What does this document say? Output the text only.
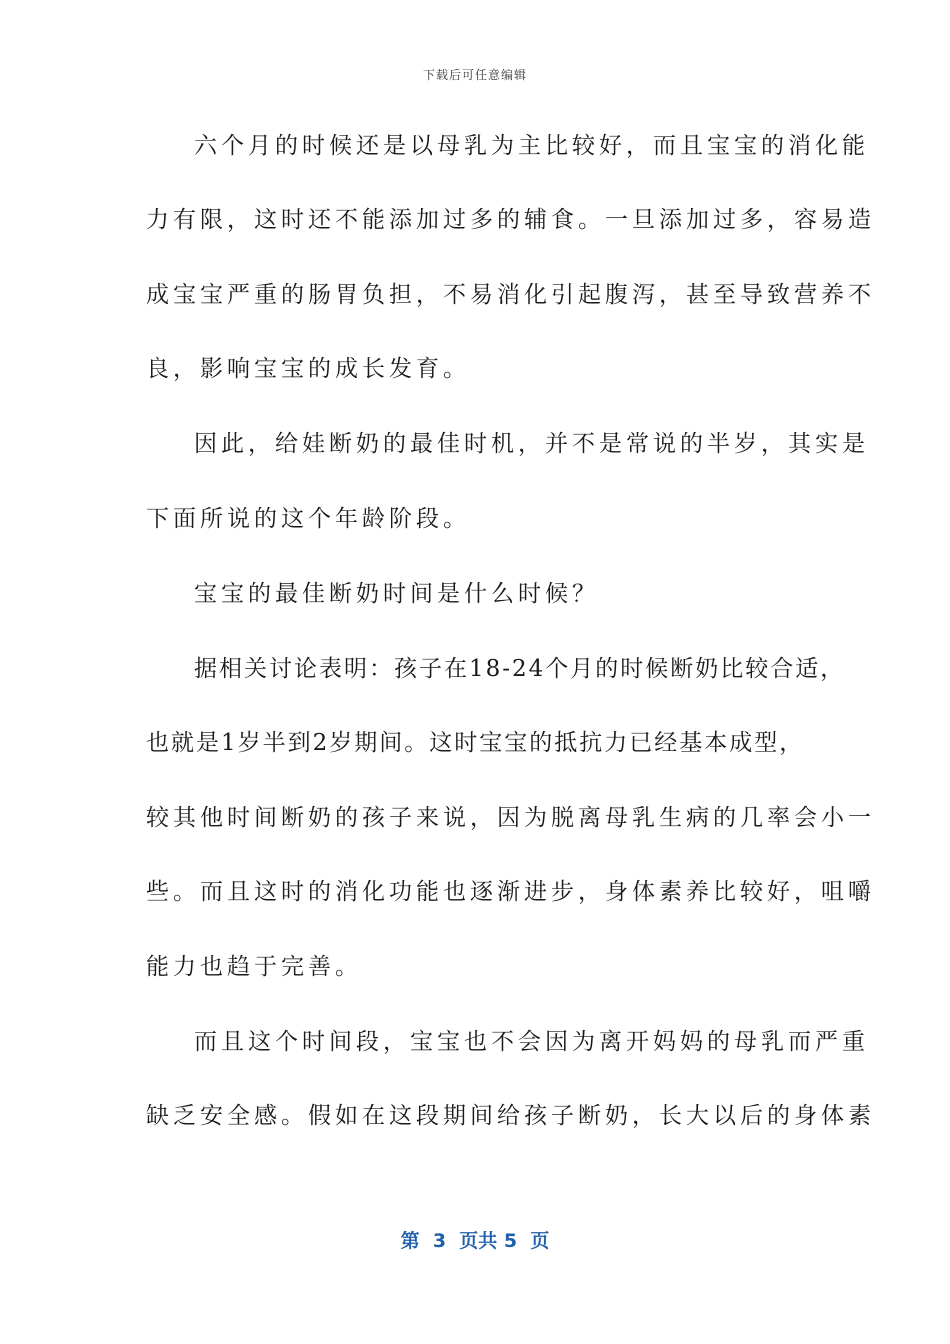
下载后可任意编辑
六个月的时候还是以母乳为主比较好，而且宝宝的消化能
力有限，这时还不能添加过多的辅食。一旦添加过多，容易造
成宝宝严重的肠胃负担，不易消化引起腹泻，甚至导致营养不
良，影响宝宝的成长发育。
因此，给娃断奶的最佳时机，并不是常说的半岁，其实是
下面所说的这个年龄阶段。
宝宝的最佳断奶时间是什么时候？
据相关讨论表明：孩子在18-24个月的时候断奶比较合适，
也就是1岁半到2岁期间。这时宝宝的抵抗力已经基本成型，
较其他时间断奶的孩子来说，因为脱离母乳生病的几率会小一
些。而且这时的消化功能也逐渐进步，身体素养比较好，咀嚼
能力也趋于完善。
而且这个时间段，宝宝也不会因为离开妈妈的母乳而严重
缺乏安全感。假如在这段期间给孩子断奶，长大以后的身体素
第  3  页共 5  页
